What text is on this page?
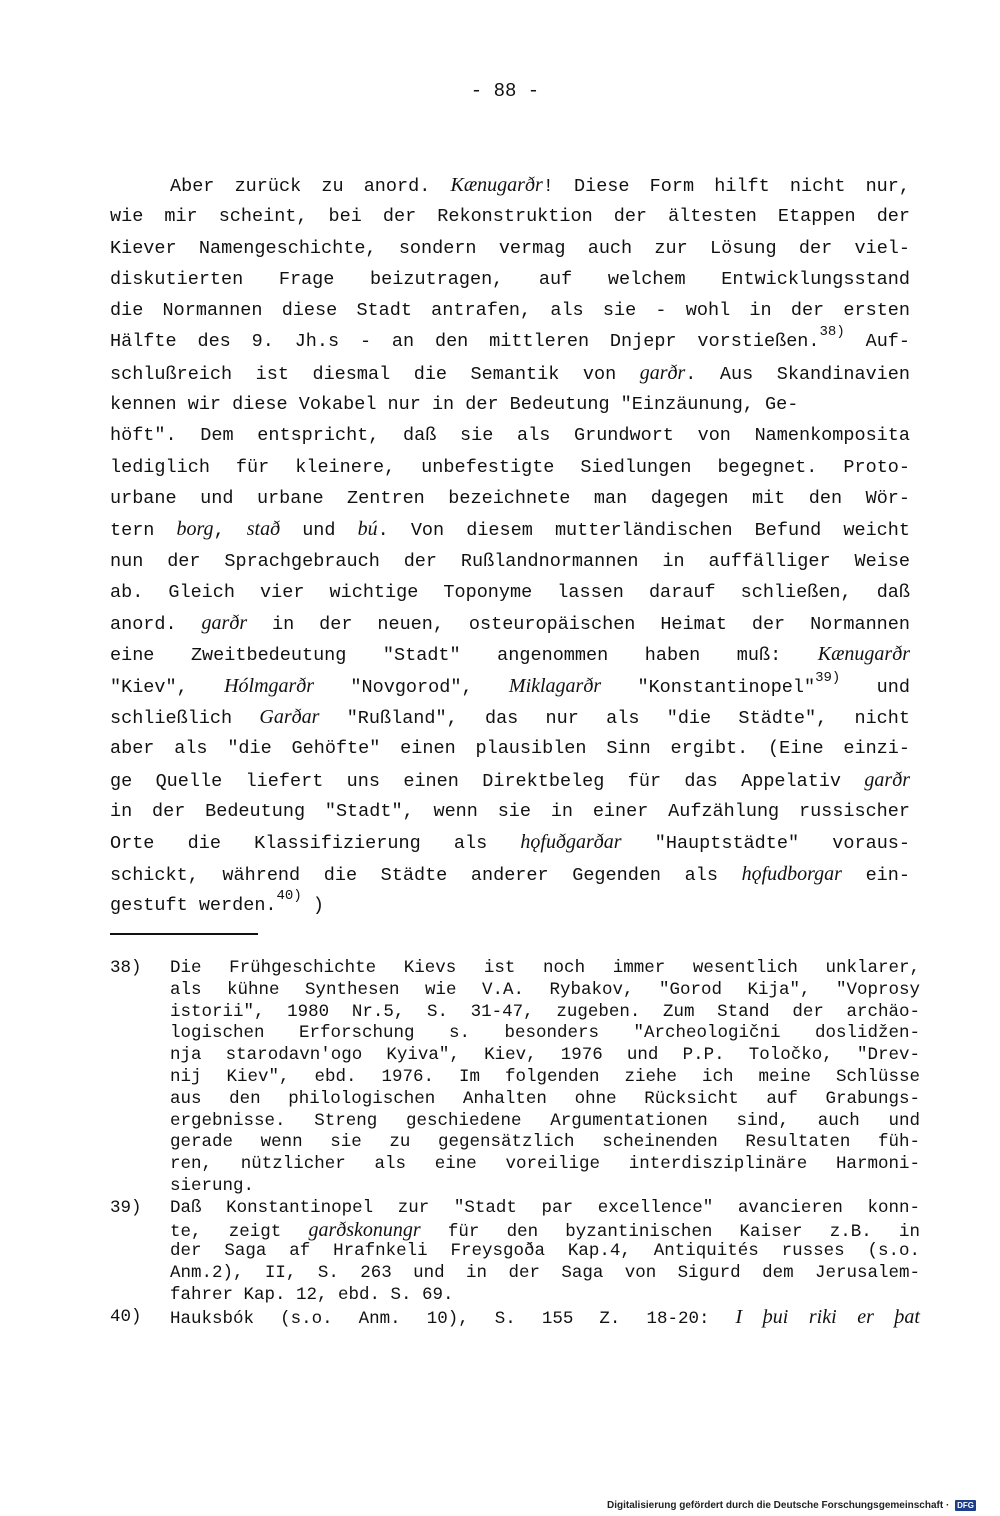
- 88 -
Aber zurück zu anord. Kænugarðr! Diese Form hilft nicht nur,
wie mir scheint, bei der Rekonstruktion der ältesten Etappen der
Kiever Namengeschichte, sondern vermag auch zur Lösung der viel-
diskutierten Frage beizutragen, auf welchem Entwicklungsstand
die Normannen diese Stadt antrafen, als sie - wohl in der ersten
Hälfte des 9. Jh.s - an den mittleren Dnjepr vorstießen.$^{38)}$ Auf-
schlußreich ist diesmal die Semantik von garðr. Aus Skandinavien
kennen wir diese Vokabel nur in der Bedeutung "Einzäunung, Ge-
höft". Dem entspricht, daß sie als Grundwort von Namenkomposita
lediglich für kleinere, unbefestigte Siedlungen begegnet. Proto-
urbane und urbane Zentren bezeichnete man dagegen mit den Wör-
tern borg, stað und bú. Von diesem mutterländischen Befund weicht
nun der Sprachgebrauch der Rußlandnormannen in auffälliger Weise
ab. Gleich vier wichtige Toponyme lassen darauf schließen, daß
anord. garðr in der neuen, osteuropäischen Heimat der Normannen
eine Zweitbedeutung "Stadt" angenommen haben muß: Kænugarðr
"Kiev", Hólmgarðr "Novgorod", Miklagarðr "Konstantinopel"$^{39)}$ und
schließlich Garðar "Rußland", das nur als "die Städte", nicht
aber als "die Gehöfte" einen plausiblen Sinn ergibt. (Eine einzi-
ge Quelle liefert uns einen Direktbeleg für das Appelativ garðr
in der Bedeutung "Stadt", wenn sie in einer Aufzählung russischer
Orte die Klassifizierung als hǫfuðgarðar "Hauptstädte" voraus-
schickt, während die Städte anderer Gegenden als hǫfudborgar ein-
gestuft werden.$^{40)}$ )
38)	Die Frühgeschichte Kievs ist noch immer wesentlich unklarer,
als kühne Synthesen wie V.A. Rybakov, "Gorod Kija", "Voprosy
istorii", 1980 Nr.5, S. 31-47, zugeben. Zum Stand der archäo-
logischen Erforschung s. besonders "Archeologični doslidžen-
nja starodavn'ogo Kyiva", Kiev, 1976 und P.P. Toločko, "Drev-
nij Kiev", ebd. 1976. Im folgenden ziehe ich meine Schlüsse
aus den philologischen Anhalten ohne Rücksicht auf Grabungs-
ergebnisse. Streng geschiedene Argumentationen sind, auch und
gerade wenn sie zu gegensätzlich scheinenden Resultaten füh-
ren, nützlicher als eine voreilige interdisziplinäre Harmoni-
sierung.
39)	Daß Konstantinopel zur "Stadt par excellence" avancieren konn-
te, zeigt garðskonungr für den byzantinischen Kaiser z.B. in
der Saga af Hrafnkeli Freysgoða Kap.4, Antiquités russes (s.o.
Anm.2), II, S. 263 und in der Saga von Sigurd dem Jerusalem-
fahrer Kap. 12, ebd. S. 69.
40)	Hauksbók (s.o. Anm. 10), S. 155 Z. 18-20: I þui riki er þat
Digitalisierung gefördert durch die Deutsche Forschungsgemeinschaft · DFG
